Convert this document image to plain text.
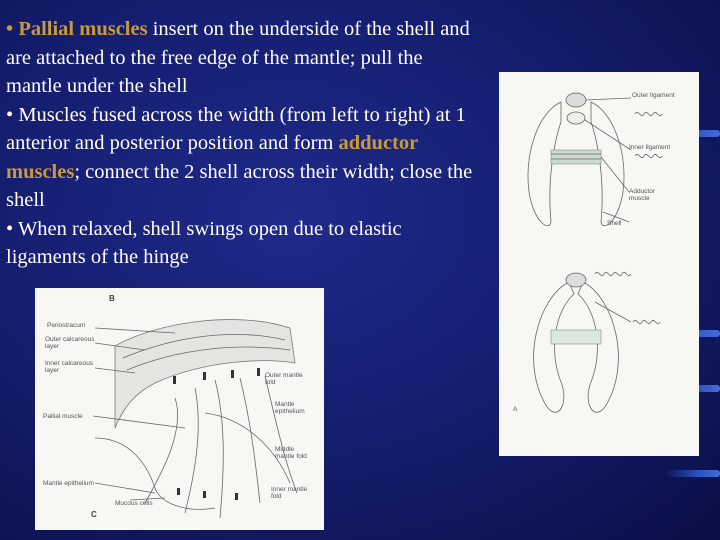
• Pallial muscles insert on the underside of the shell and are attached to the free edge of the mantle; pull the mantle under the shell

• Muscles fused across the width (from left to right) at 1 anterior and posterior position and form adductor muscles; connect the 2 shell across their width; close the shell

• When relaxed, shell swings open due to elastic ligaments of the hinge

Outer ligament
Inner ligament
Adductor muscle
Shell
A
B
Periostracum
Outer calcareous layer
Inner calcareous layer
Outer mantle fold
Mantle epithelium
Pallial muscle
Middle mantle fold
Mantle epithelium
Inner mantle fold
Mucous cells
C
